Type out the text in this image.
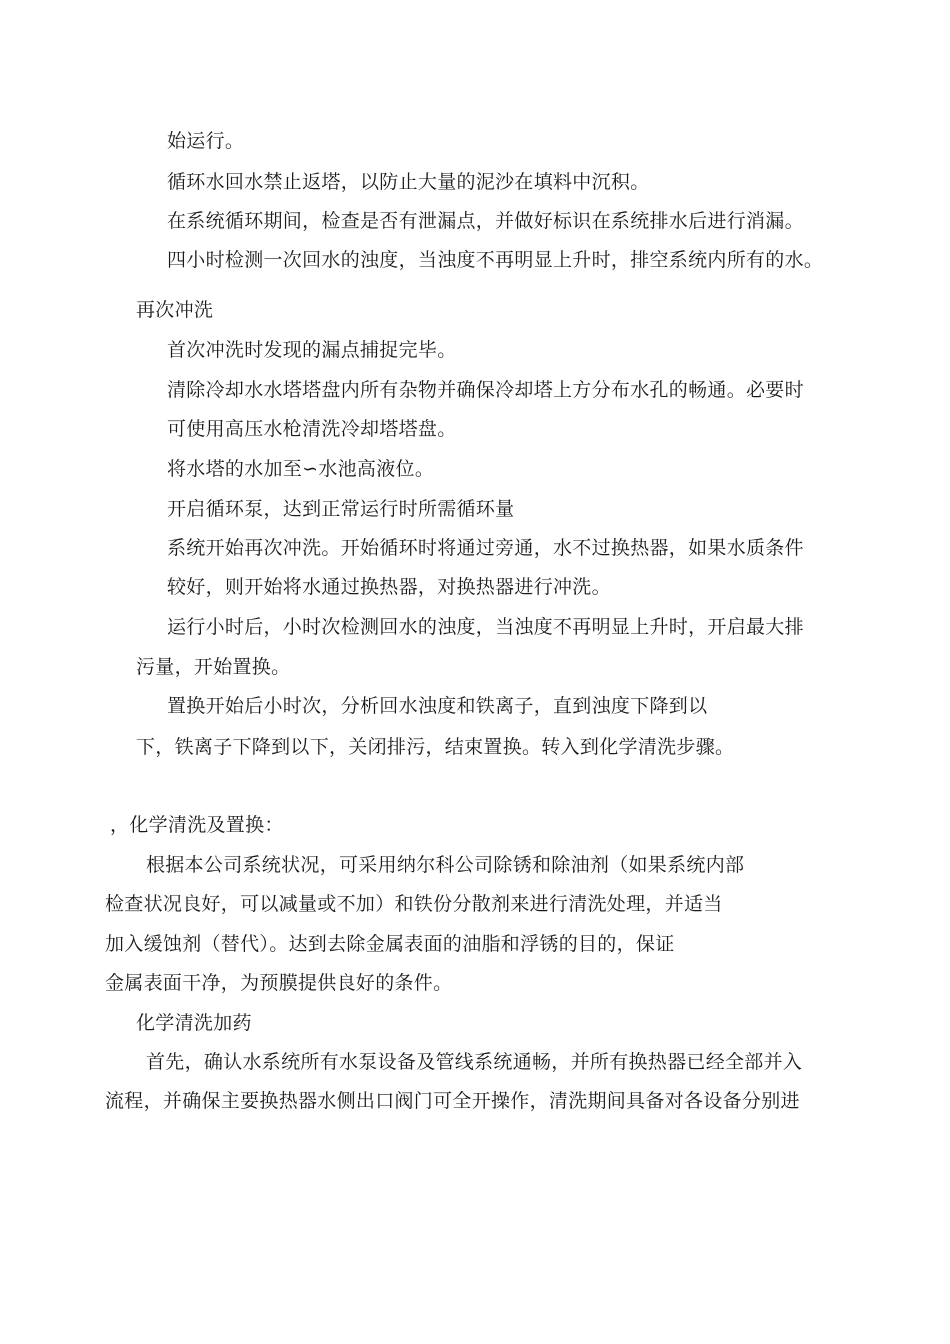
始运行。
循环水回水禁止返塔，以防止大量的泥沙在填料中沉积。
在系统循环期间，检查是否有泄漏点，并做好标识在系统排水后进行消漏。
四小时检测一次回水的浊度，当浊度不再明显上升时，排空系统内所有的水。
再次冲洗
首次冲洗时发现的漏点捕捉完毕。
清除冷却水水塔塔盘内所有杂物并确保冷却塔上方分布水孔的畅通。必要时
可使用高压水枪清洗冷却塔塔盘。
将水塔的水加至∽水池高液位。
开启循环泵，达到正常运行时所需循环量
系统开始再次冲洗。开始循环时将通过旁通，水不过换热器，如果水质条件
较好，则开始将水通过换热器，对换热器进行冲洗。
运行小时后，小时次检测回水的浊度，当浊度不再明显上升时，开启最大排
污量，开始置换。
置换开始后小时次，分析回水浊度和铁离子，直到浊度下降到以
下，铁离子下降到以下，关闭排污，结束置换。转入到化学清洗步骤。
，化学清洗及置换：
根据本公司系统状况，可采用纳尔科公司除锈和除油剂（如果系统内部
检查状况良好，可以减量或不加）和铁份分散剂来进行清洗处理，并适当
加入缓蚀剂（替代）。达到去除金属表面的油脂和浮锈的目的，保证
金属表面干净，为预膜提供良好的条件。
化学清洗加药
首先，确认水系统所有水泵设备及管线系统通畅，并所有换热器已经全部并入
流程，并确保主要换热器水侧出口阀门可全开操作，清洗期间具备对各设备分别进
